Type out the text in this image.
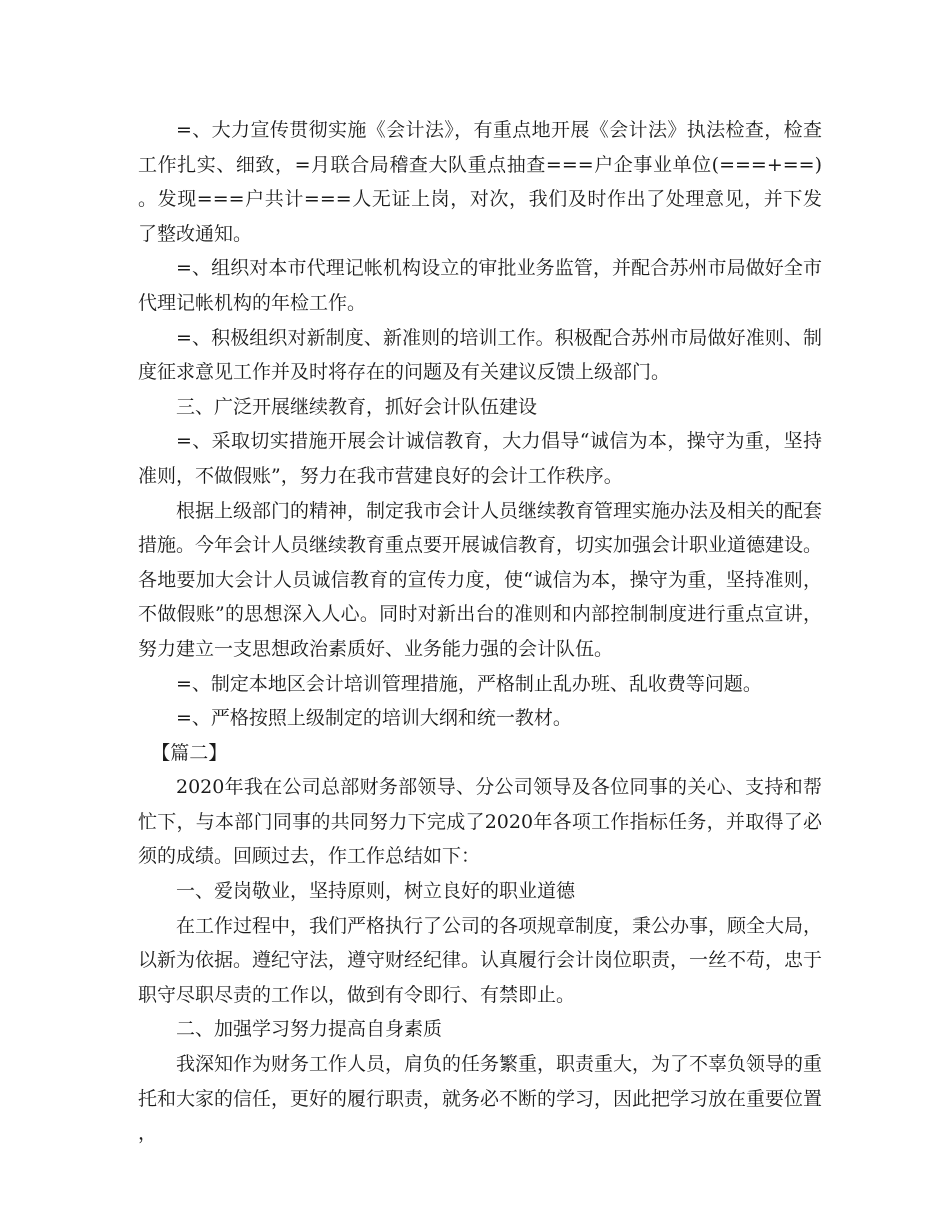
=、大力宣传贯彻实施《会计法》，有重点地开展《会计法》执法检查，检查工作扎实、细致，=月联合局稽查大队重点抽查===户企事业单位(===+==)。发现===户共计===人无证上岗，对次，我们及时作出了处理意见，并下发了整改通知。

=、组织对本市代理记帐机构设立的审批业务监管，并配合苏州市局做好全市代理记帐机构的年检工作。

=、积极组织对新制度、新准则的培训工作。积极配合苏州市局做好准则、制度征求意见工作并及时将存在的问题及有关建议反馈上级部门。

三、广泛开展继续教育，抓好会计队伍建设

=、采取切实措施开展会计诚信教育，大力倡导“诚信为本，操守为重，坚持准则，不做假账”，努力在我市营建良好的会计工作秩序。

根据上级部门的精神，制定我市会计人员继续教育管理实施办法及相关的配套措施。今年会计人员继续教育重点要开展诚信教育，切实加强会计职业道德建设。各地要加大会计人员诚信教育的宣传力度，使“诚信为本，操守为重，坚持准则，不做假账”的思想深入人心。同时对新出台的准则和内部控制制度进行重点宣讲，努力建立一支思想政治素质好、业务能力强的会计队伍。

=、制定本地区会计培训管理措施，严格制止乱办班、乱收费等问题。

=、严格按照上级制定的培训大纲和统一教材。

【篇二】

2020年我在公司总部财务部领导、分公司领导及各位同事的关心、支持和帮忙下，与本部门同事的共同努力下完成了2020年各项工作指标任务，并取得了必须的成绩。回顾过去，作工作总结如下：

一、爱岗敬业，坚持原则，树立良好的职业道德

在工作过程中，我们严格执行了公司的各项规章制度，秉公办事，顾全大局，以新为依据。遵纪守法，遵守财经纪律。认真履行会计岗位职责，一丝不苟，忠于职守尽职尽责的工作以，做到有令即行、有禁即止。

二、加强学习努力提高自身素质

我深知作为财务工作人员，肩负的任务繁重，职责重大，为了不辜负领导的重托和大家的信任，更好的履行职责，就务必不断的学习，因此把学习放在重要位置，
